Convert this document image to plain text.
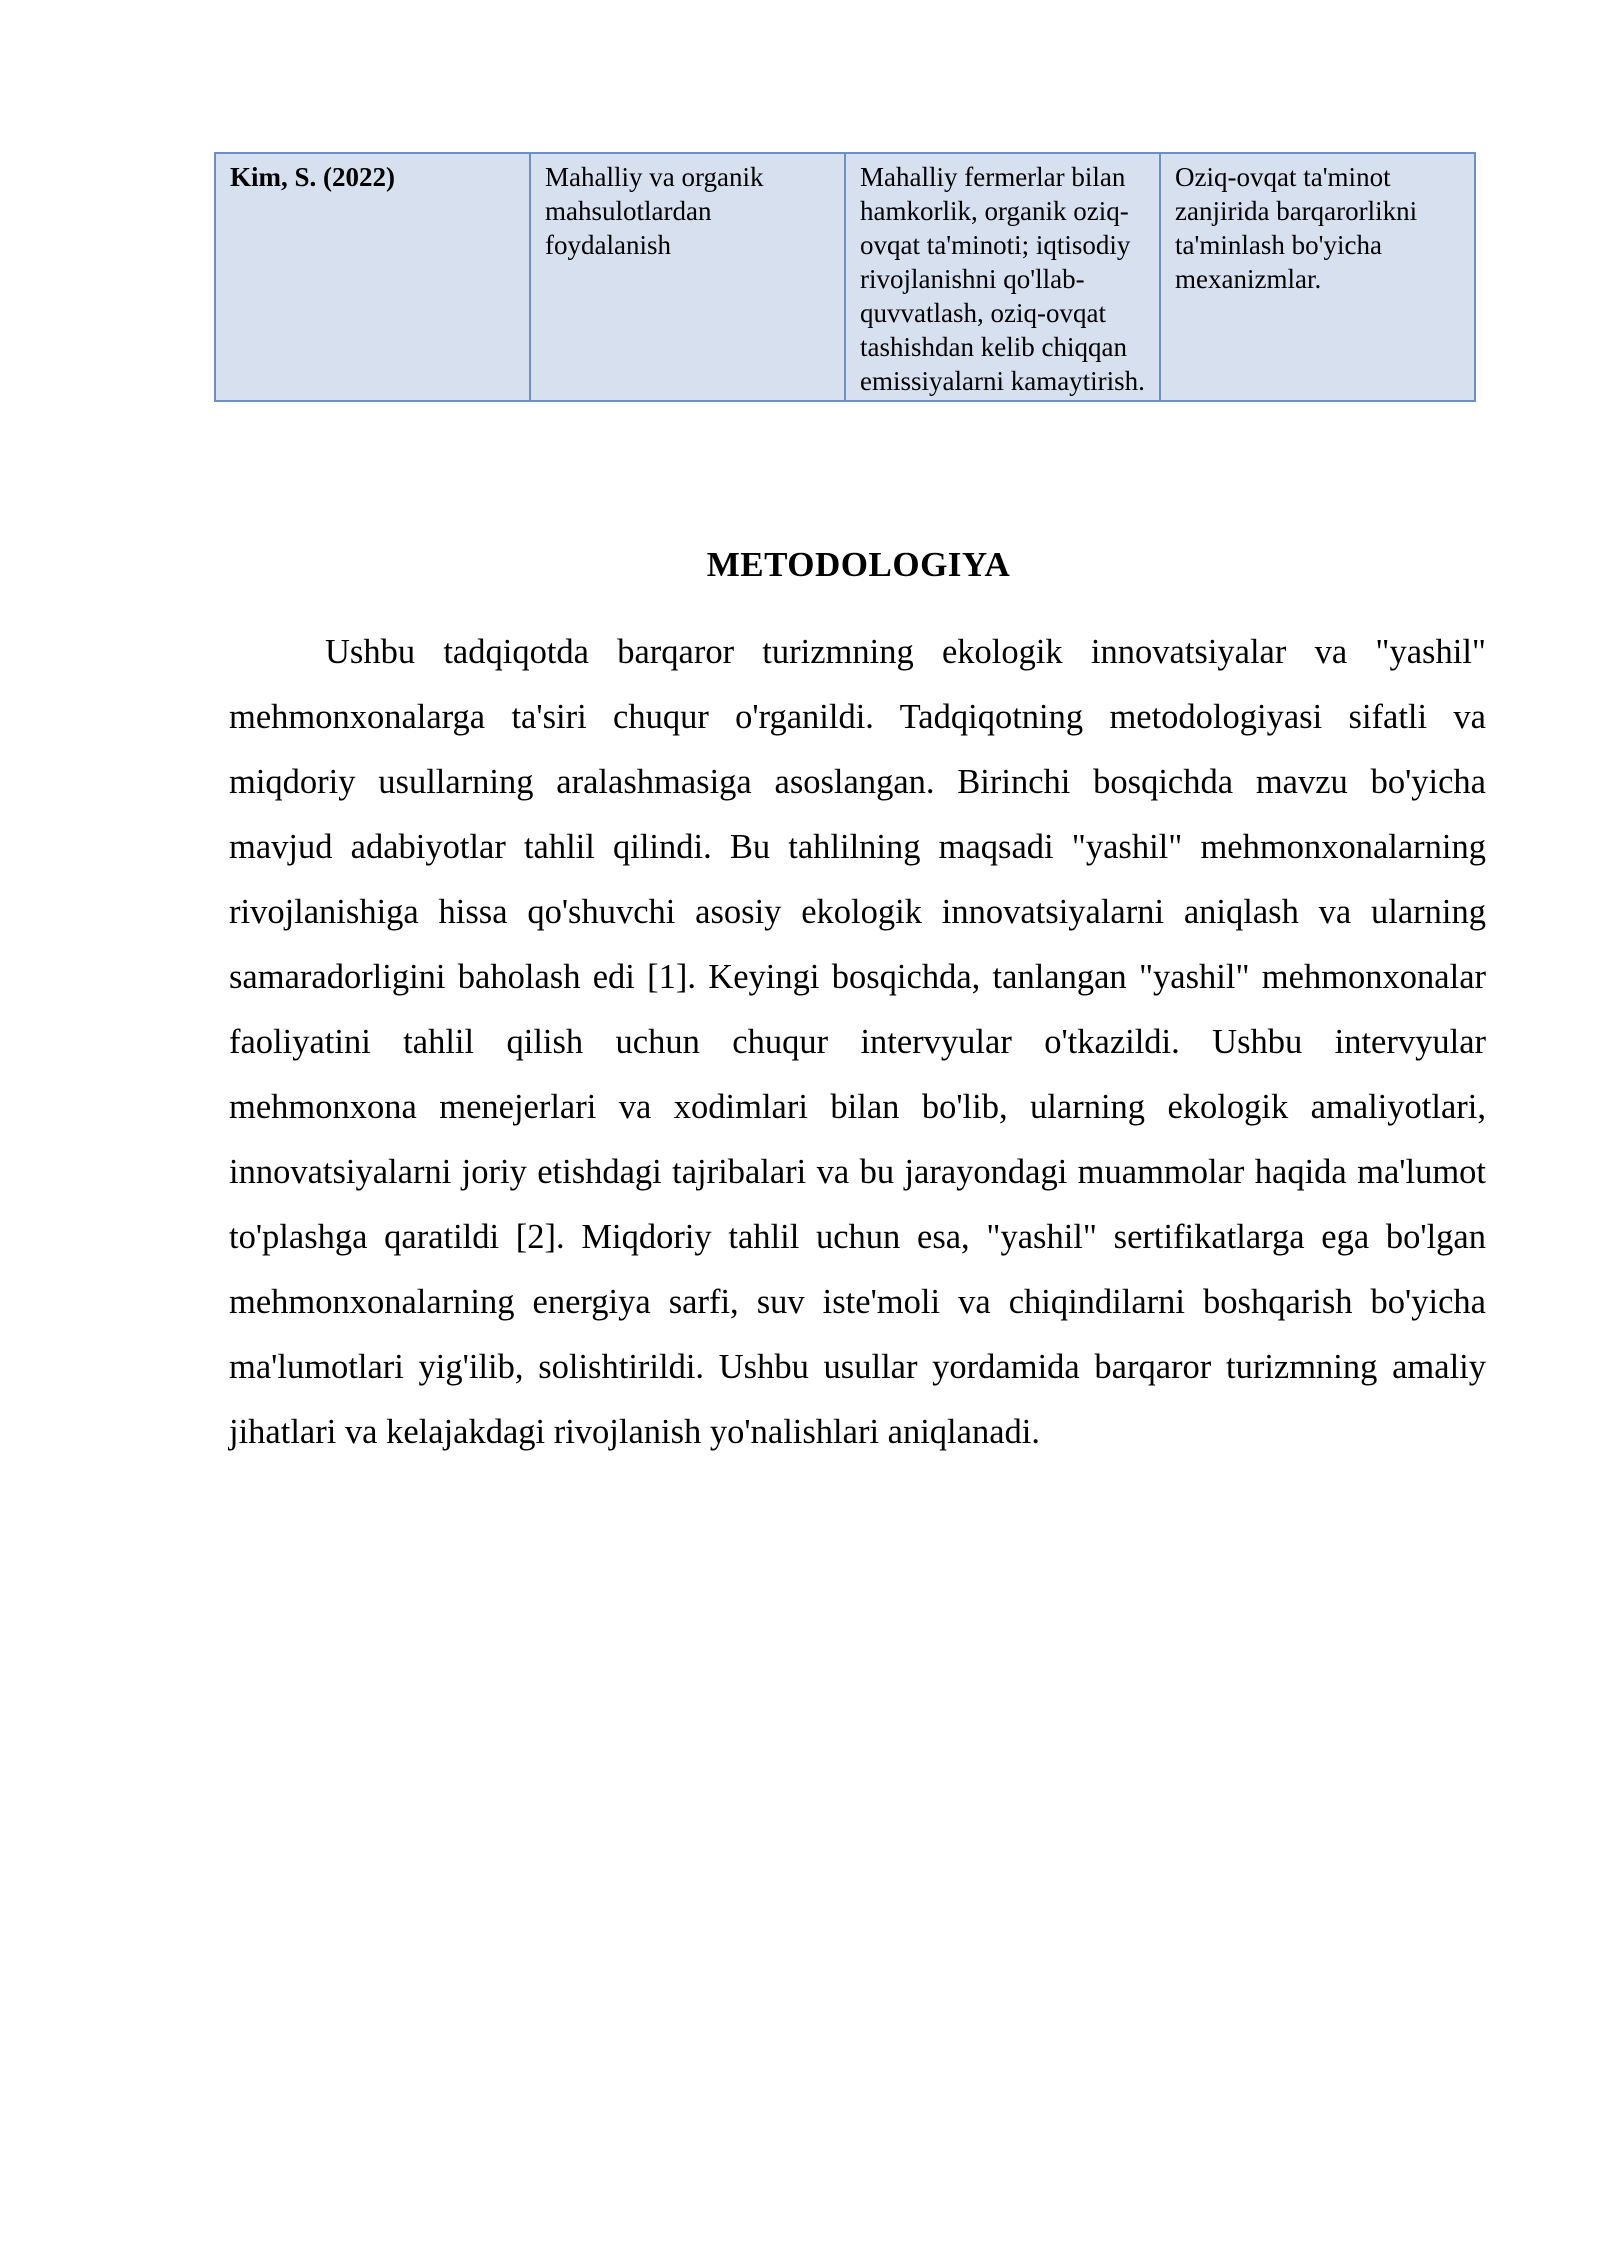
Kim, S. (2022)	Mahalliy va organik mahsulotlardan foydalanish	Mahalliy fermerlar bilan hamkorlik, organik oziq-ovqat ta'minoti; iqtisodiy rivojlanishni qo'llab-quvvatlash, oziq-ovqat tashishdan kelib chiqqan emissiyalarni kamaytirish.	Oziq-ovqat ta'minot zanjirida barqarorlikni ta'minlash bo'yicha mexanizmlar.
METODOLOGIYA

Ushbu tadqiqotda barqaror turizmning ekologik innovatsiyalar va "yashil" mehmonxonalarga ta'siri chuqur o'rganildi. Tadqiqotning metodologiyasi sifatli va miqdoriy usullarning aralashmasiga asoslangan. Birinchi bosqichda mavzu bo'yicha mavjud adabiyotlar tahlil qilindi. Bu tahlilning maqsadi "yashil" mehmonxonalarning rivojlanishiga hissa qo'shuvchi asosiy ekologik innovatsiyalarni aniqlash va ularning samaradorligini baholash edi [1]. Keyingi bosqichda, tanlangan "yashil" mehmonxonalar faoliyatini tahlil qilish uchun chuqur intervyular o'tkazildi. Ushbu intervyular mehmonxona menejerlari va xodimlari bilan bo'lib, ularning ekologik amaliyotlari, innovatsiyalarni joriy etishdagi tajribalari va bu jarayondagi muammolar haqida ma'lumot to'plashga qaratildi [2]. Miqdoriy tahlil uchun esa, "yashil" sertifikatlarga ega bo'lgan mehmonxonalarning energiya sarfi, suv iste'moli va chiqindilarni boshqarish bo'yicha ma'lumotlari yig'ilib, solishtirildi. Ushbu usullar yordamida barqaror turizmning amaliy jihatlari va kelajakdagi rivojlanish yo'nalishlari aniqlanadi.
